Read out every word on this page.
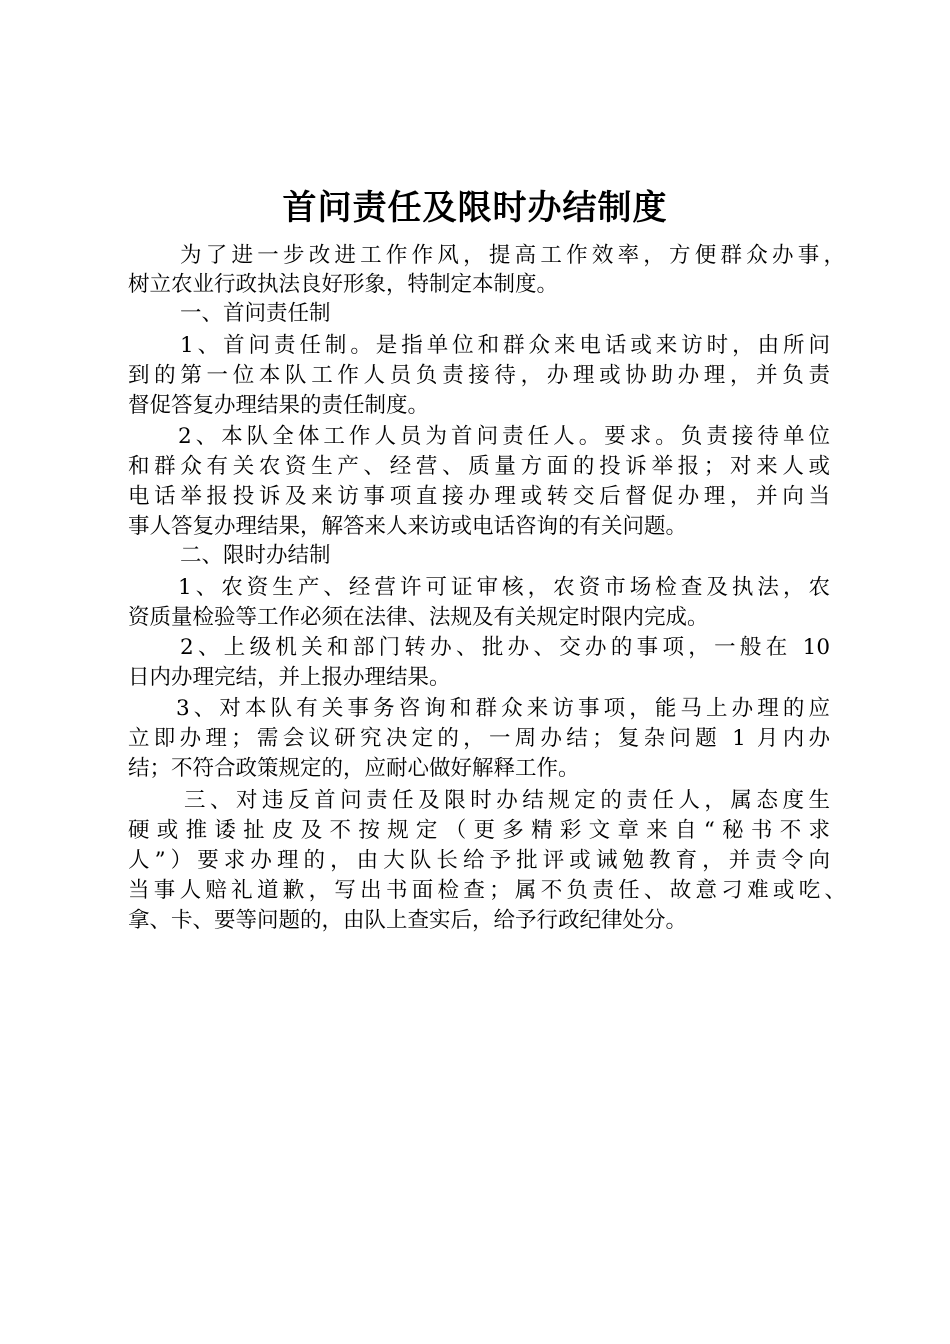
首问责任及限时办结制度
为了进一步改进工作作风，提高工作效率，方便群众办事，
树立农业行政执法良好形象，特制定本制度。
一、首问责任制
1、首问责任制。是指单位和群众来电话或来访时，由所问
到的第一位本队工作人员负责接待，办理或协助办理，并负责
督促答复办理结果的责任制度。
2、本队全体工作人员为首问责任人。要求。负责接待单位
和群众有关农资生产、经营、质量方面的投诉举报；对来人或
电话举报投诉及来访事项直接办理或转交后督促办理，并向当
事人答复办理结果，解答来人来访或电话咨询的有关问题。
二、限时办结制
1、农资生产、经营许可证审核，农资市场检查及执法，农
资质量检验等工作必须在法律、法规及有关规定时限内完成。
2、上级机关和部门转办、批办、交办的事项，一般在 10
日内办理完结，并上报办理结果。
3、对本队有关事务咨询和群众来访事项，能马上办理的应
立即办理；需会议研究决定的，一周办结；复杂问题 1 月内办
结；不符合政策规定的，应耐心做好解释工作。
三、对违反首问责任及限时办结规定的责任人，属态度生
硬或推诿扯皮及不按规定（更多精彩文章来自“秘书不求
人”）要求办理的，由大队长给予批评或诫勉教育，并责令向
当事人赔礼道歉，写出书面检查；属不负责任、故意刁难或吃、
拿、卡、要等问题的，由队上查实后，给予行政纪律处分。
